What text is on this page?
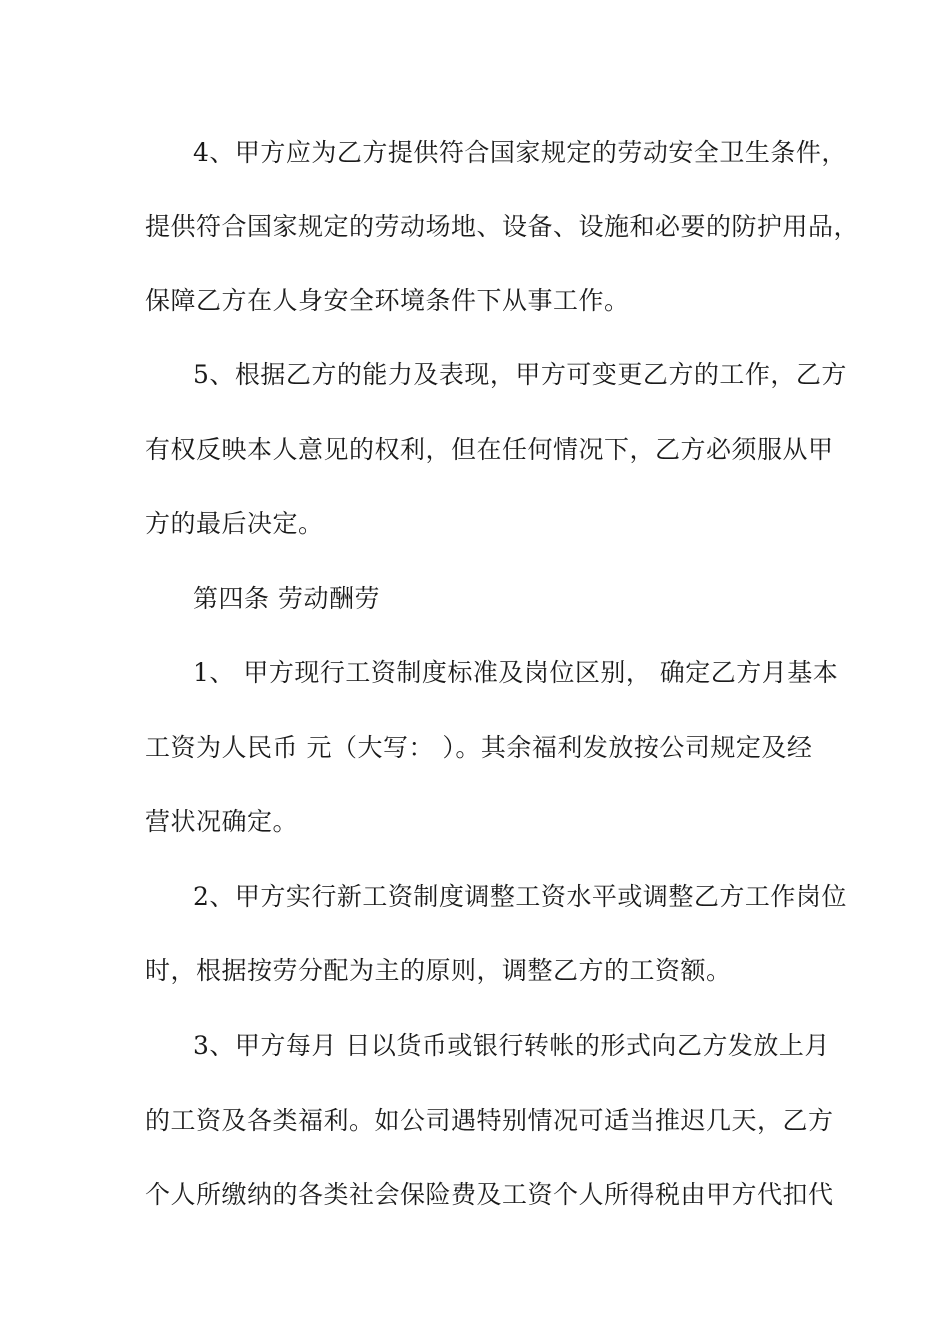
4、甲方应为乙方提供符合国家规定的劳动安全卫生条件，

提供符合国家规定的劳动场地、设备、设施和必要的防护用品，

保障乙方在人身安全环境条件下从事工作。

5、根据乙方的能力及表现，甲方可变更乙方的工作，乙方

有权反映本人意见的权利，但在任何情况下，乙方必须服从甲

方的最后决定。

第四条 劳动酬劳

1、 甲方现行工资制度标准及岗位区别， 确定乙方月基本

工资为人民币 元（大写： ）。其余福利发放按公司规定及经

营状况确定。

2、甲方实行新工资制度调整工资水平或调整乙方工作岗位

时，根据按劳分配为主的原则，调整乙方的工资额。

3、甲方每月 日以货币或银行转帐的形式向乙方发放上月

的工资及各类福利。如公司遇特别情况可适当推迟几天，乙方

个人所缴纳的各类社会保险费及工资个人所得税由甲方代扣代
